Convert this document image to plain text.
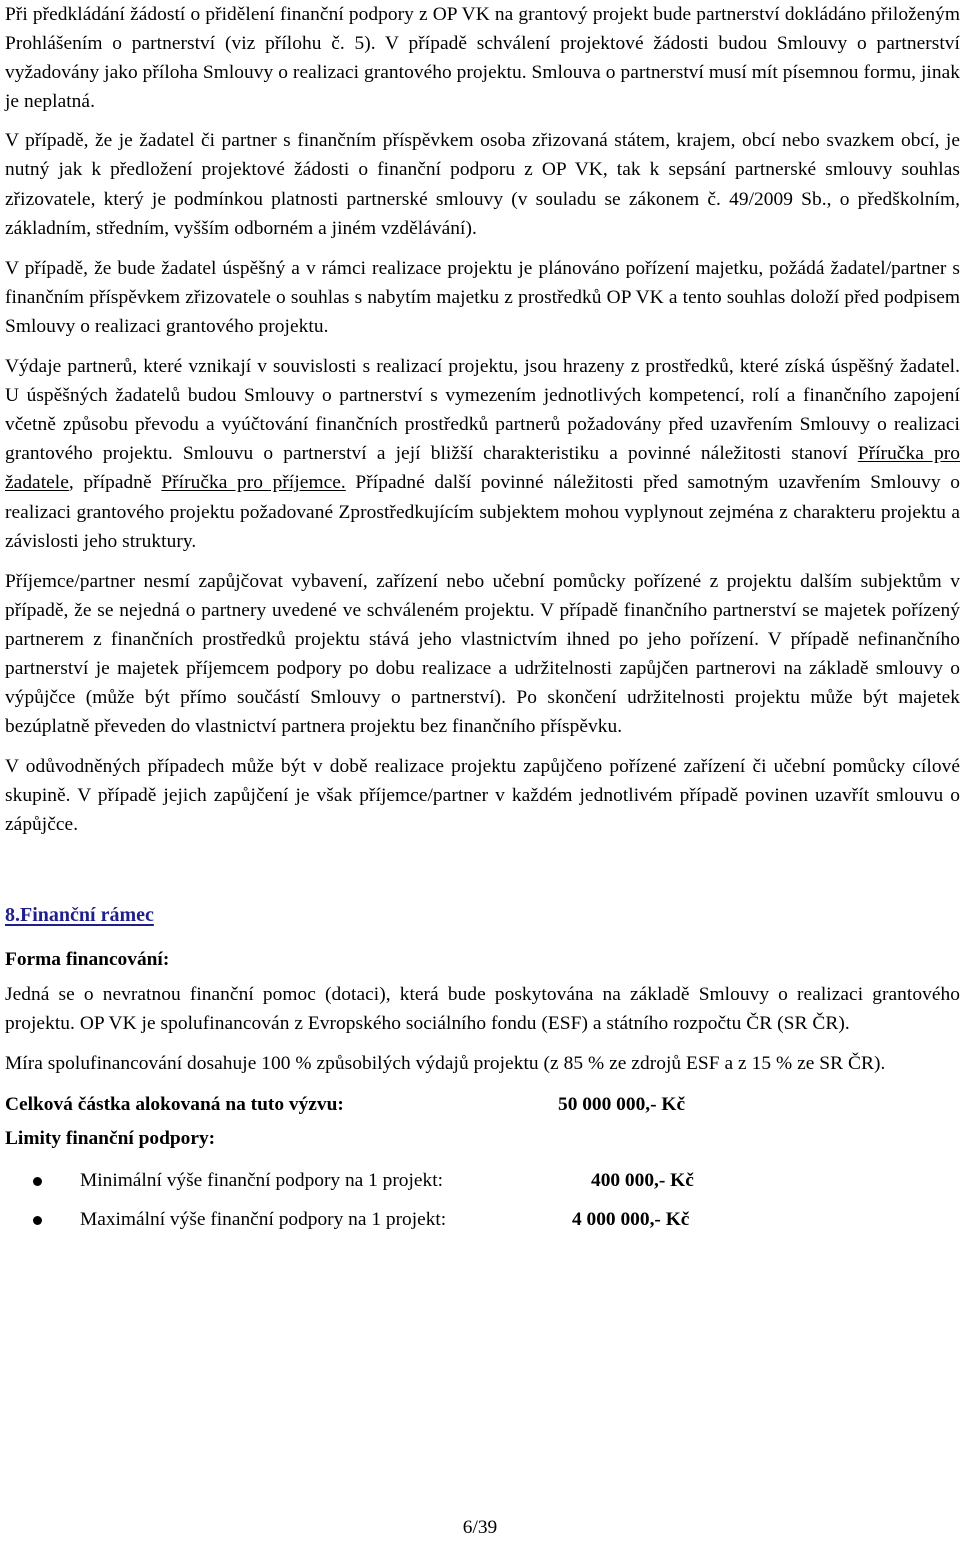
Při předkládání žádostí o přidělení finanční podpory z OP VK na grantový projekt bude partnerství dokládáno přiloženým Prohlášením o partnerství (viz přílohu č. 5). V případě schválení projektové žádosti budou Smlouvy o partnerství vyžadovány jako příloha Smlouvy o realizaci grantového projektu. Smlouva o partnerství musí mít písemnou formu, jinak je neplatná.

V případě, že je žadatel či partner s finančním příspěvkem osoba zřizovaná státem, krajem, obcí nebo svazkem obcí, je nutný jak k předložení projektové žádosti o finanční podporu z OP VK, tak k sepsání partnerské smlouvy souhlas zřizovatele, který je podmínkou platnosti partnerské smlouvy (v souladu se zákonem č. 49/2009 Sb., o předškolním, základním, středním, vyšším odborném a jiném vzdělávání).

V případě, že bude žadatel úspěšný a v rámci realizace projektu je plánováno pořízení majetku, požádá žadatel/partner s finančním příspěvkem zřizovatele o souhlas s nabytím majetku z prostředků OP VK a tento souhlas doloží před podpisem Smlouvy o realizaci grantového projektu.

Výdaje partnerů, které vznikají v souvislosti s realizací projektu, jsou hrazeny z prostředků, které získá úspěšný žadatel. U úspěšných žadatelů budou Smlouvy o partnerství s vymezením jednotlivých kompetencí, rolí a finančního zapojení včetně způsobu převodu a vyúčtování finančních prostředků partnerů požadovány před uzavřením Smlouvy o realizaci grantového projektu. Smlouvu o partnerství a její bližší charakteristiku a povinné náležitosti stanoví Příručka pro žadatele, případně Příručka pro příjemce. Případné další povinné náležitosti před samotným uzavřením Smlouvy o realizaci grantového projektu požadované Zprostředkujícím subjektem mohou vyplynout zejména z charakteru projektu a závislosti jeho struktury.

Příjemce/partner nesmí zapůjčovat vybavení, zařízení nebo učební pomůcky pořízené z projektu dalším subjektům v případě, že se nejedná o partnery uvedené ve schváleném projektu. V případě finančního partnerství se majetek pořízený partnerem z finančních prostředků projektu stává jeho vlastnictvím ihned po jeho pořízení. V případě nefinančního partnerství je majetek příjemcem podpory po dobu realizace a udržitelnosti zapůjčen partnerovi na základě smlouvy o výpůjčce (může být přímo součástí Smlouvy o partnerství). Po skončení udržitelnosti projektu může být majetek bezúplatně převeden do vlastnictví partnera projektu bez finančního příspěvku.

V odůvodněných případech může být v době realizace projektu zapůjčeno pořízené zařízení či učební pomůcky cílové skupině. V případě jejich zapůjčení je však příjemce/partner v každém jednotlivém případě povinen uzavřít smlouvu o zápůjčce.

8.Finanční rámec
Forma financování:

Jedná se o nevratnou finanční pomoc (dotaci), která bude poskytována na základě Smlouvy o realizaci grantového projektu. OP VK je spolufinancován z Evropského sociálního fondu (ESF) a státního rozpočtu ČR (SR ČR).

Míra spolufinancování dosahuje 100 % způsobilých výdajů projektu (z 85 % ze zdrojů ESF a z 15 % ze SR ČR).

Celková částka alokovaná na tuto výzvu:	50 000 000,- Kč
Limity finanční podpory:
Minimální výše finanční podpory na 1 projekt:	400 000,- Kč
Maximální výše finanční podpory na 1 projekt:	4 000 000,- Kč
6/39
